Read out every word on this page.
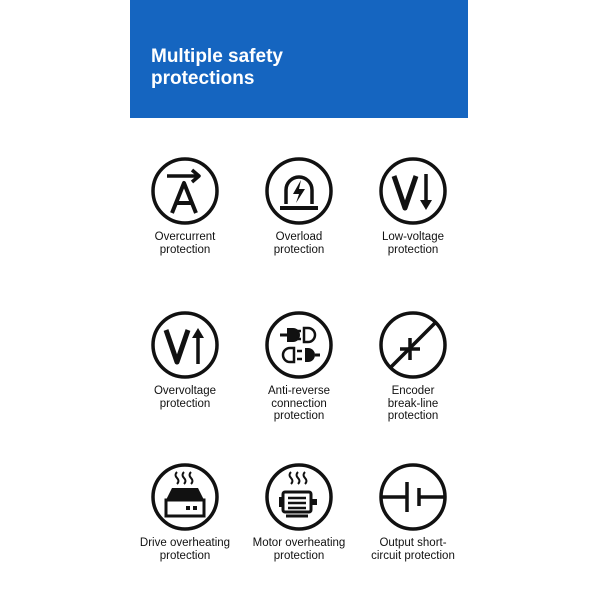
Multiple safety
protections
Overcurrent
protection
Overload
protection
Low-voltage
protection
Overvoltage
protection
Anti-reverse
connection
protection
Encoder
break-line
protection
Drive overheating
protection
Motor overheating
protection
Output short-
circuit protection
